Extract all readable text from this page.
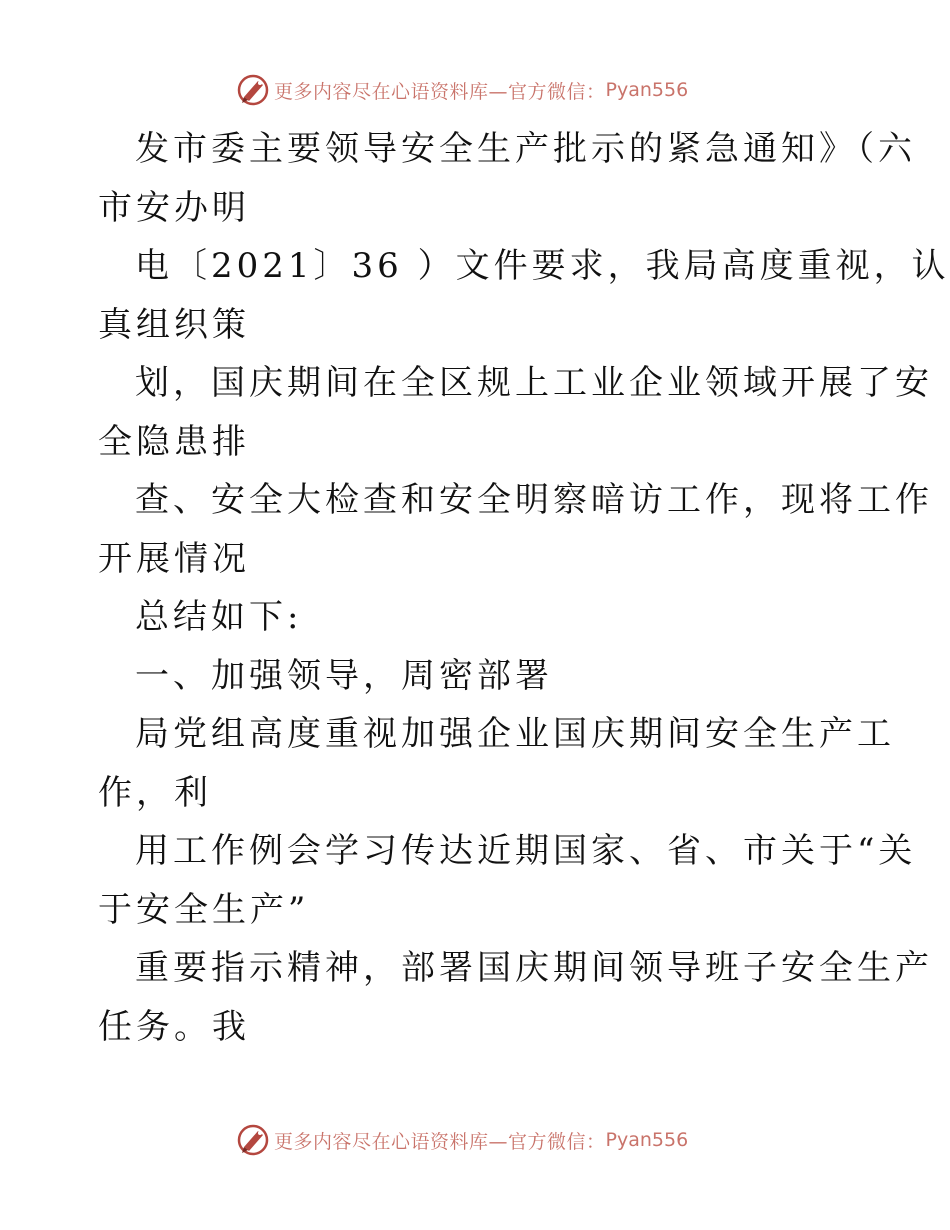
更多内容尽在心语资料库—官方微信： Pyan556
发市委主要领导安全生产批示的紧急通知》（六
市安办明
电〔2021〕36 ）文件要求，我局高度重视，认
真组织策
划，国庆期间在全区规上工业企业领域开展了安
全隐患排
查、安全大检查和安全明察暗访工作，现将工作
开展情况
总结如下:
一、加强领导，周密部署
局党组高度重视加强企业国庆期间安全生产工
作，利
用工作例会学习传达近期国家、省、市关于“关
于安全生产”
重要指示精神，部署国庆期间领导班子安全生产
任务。我
更多内容尽在心语资料库—官方微信： Pyan556
